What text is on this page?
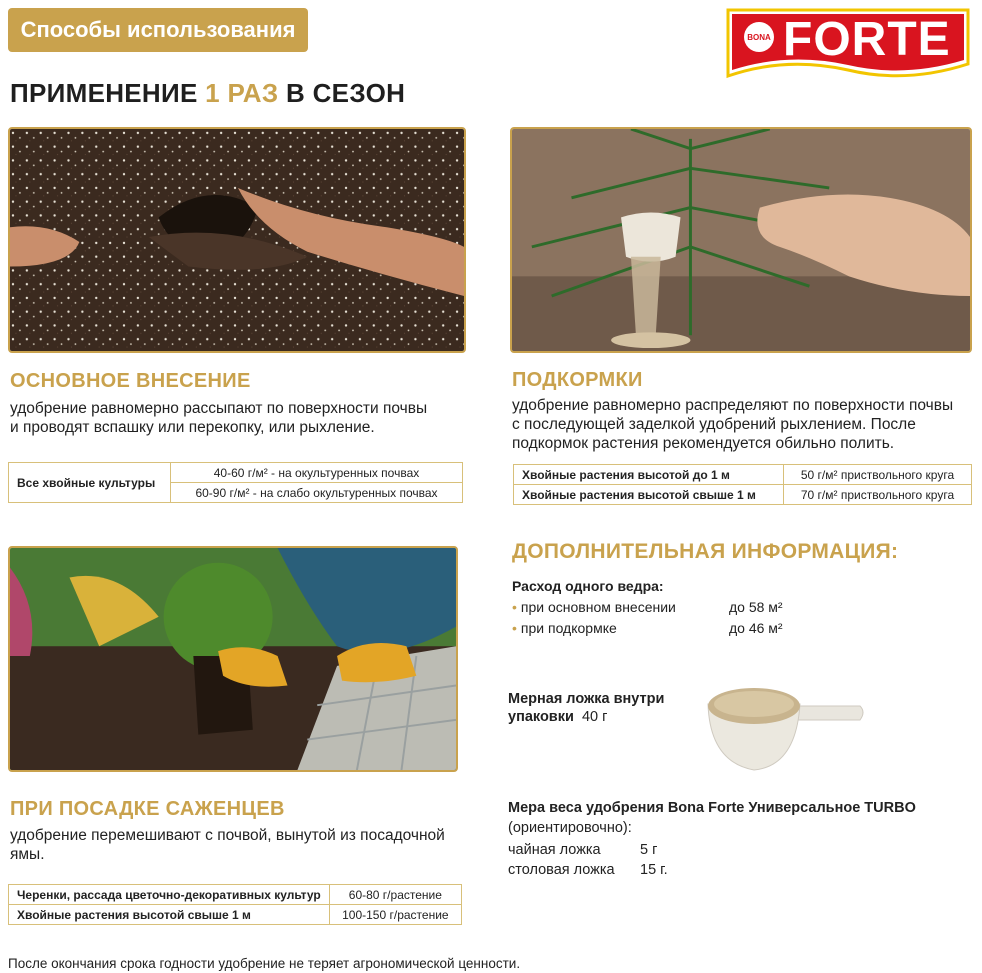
Способы использования	BONA FORTE
ПРИМЕНЕНИЕ 1 РАЗ В СЕЗОН
ОСНОВНОЕ ВНЕСЕНИЕ
удобрение равномерно рассыпают по поверхности почвы
и проводят вспашку или перекопку, или рыхление.
Все хвойные культуры	40-60 г/м² - на окультуренных почвах
60-90 г/м² - на слабо окультуренных почвах
ПОДКОРМКИ
удобрение равномерно распределяют по поверхности почвы
с последующей заделкой удобрений рыхлением. После
подкормок растения рекомендуется обильно полить.
Хвойные растения высотой до 1 м	50 г/м² приствольного круга
Хвойные растения высотой свыше 1 м	70 г/м² приствольного круга
ПРИ ПОСАДКЕ САЖЕНЦЕВ
удобрение перемешивают с почвой, вынутой из посадочной
ямы.
Черенки, рассада цветочно-декоративных культур	60-80 г/растение
Хвойные растения высотой свыше 1 м	100-150 г/растение
ДОПОЛНИТЕЛЬНАЯ ИНФОРМАЦИЯ:
Расход одного ведра:
• при основном внесении	до 58 м²
• при подкормке	до 46 м²
Мерная ложка внутри
упаковки 40 г
Мера веса удобрения Bona Forte Универсальное TURBO
(ориентировочно):
чайная ложка	5 г
столовая ложка 15 г.
После окончания срока годности удобрение не теряет агрономической ценности.
